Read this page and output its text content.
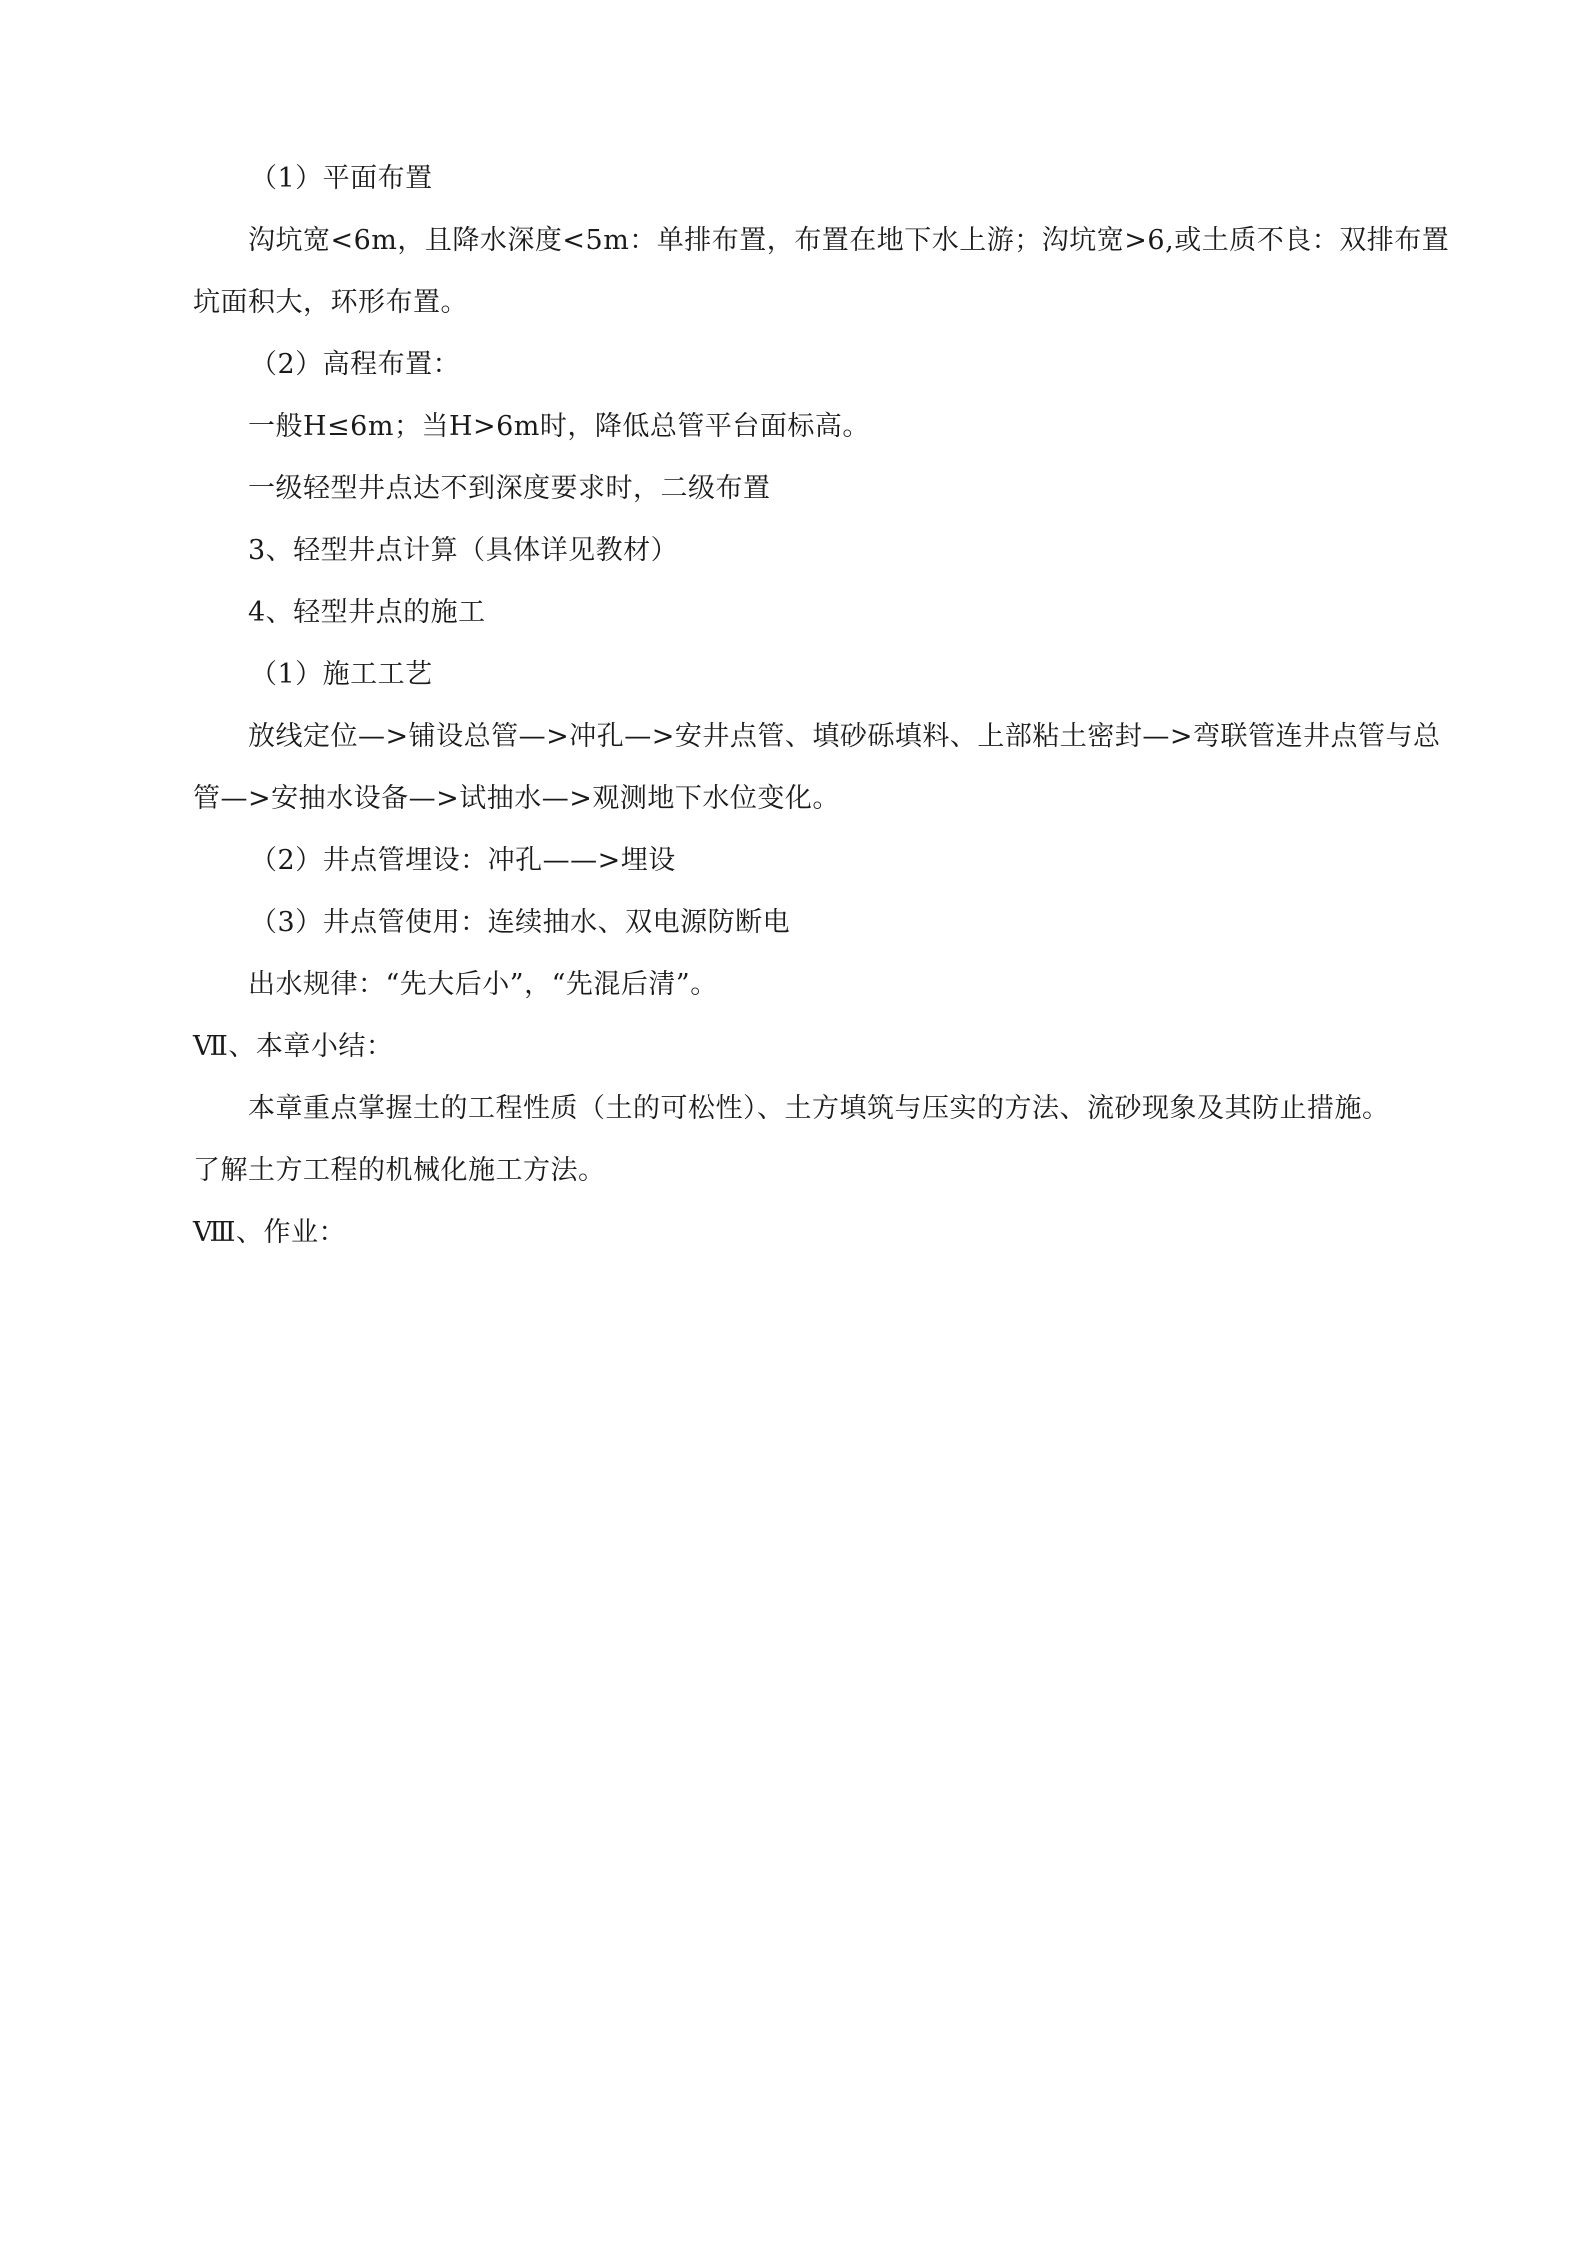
（1）平面布置
沟坑宽<6m，且降水深度<5m：单排布置，布置在地下水上游；沟坑宽>6,或土质不良：双排布置
坑面积大，环形布置。
（2）高程布置：
一般H≤6m；当H>6m时，降低总管平台面标高。
一级轻型井点达不到深度要求时，二级布置
3、轻型井点计算（具体详见教材）
4、轻型井点的施工
（1）施工工艺
放线定位—>铺设总管—>冲孔—>安井点管、填砂砾填料、上部粘土密封—>弯联管连井点管与总
管—>安抽水设备—>试抽水—>观测地下水位变化。
（2）井点管埋设：冲孔——>埋设
（3）井点管使用：连续抽水、双电源防断电
出水规律：“先大后小”，“先混后清”。
Ⅶ、本章小结：
本章重点掌握土的工程性质（土的可松性）、土方填筑与压实的方法、流砂现象及其防止措施。
了解土方工程的机械化施工方法。
Ⅷ、作业：
